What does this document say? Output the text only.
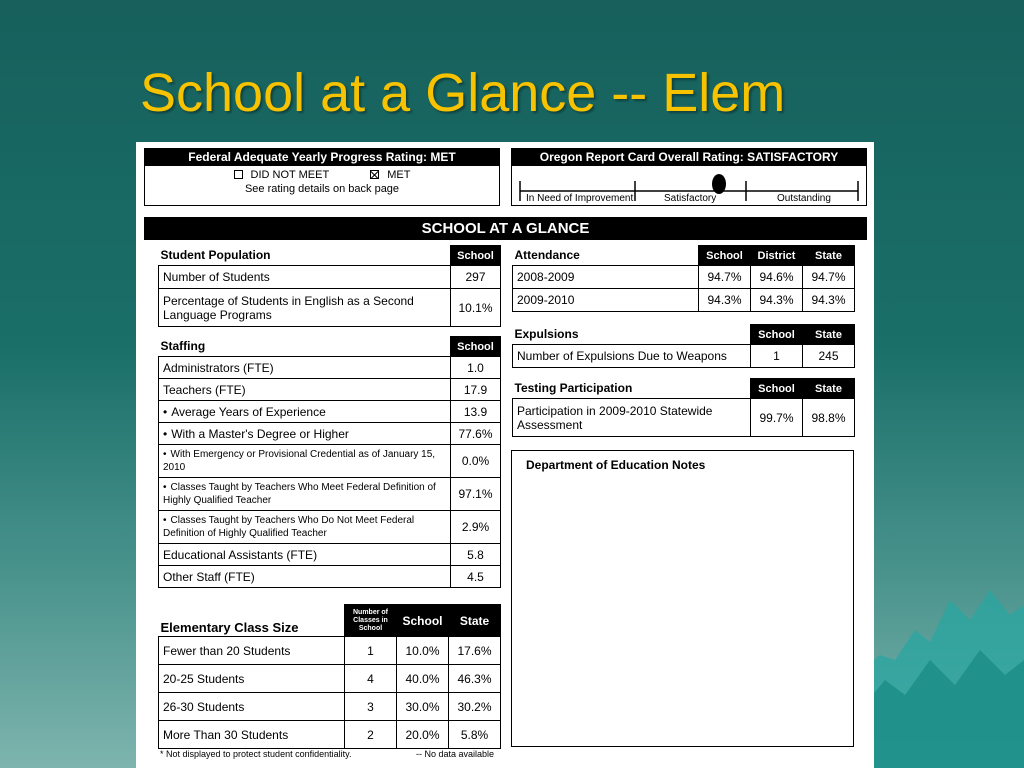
School at a Glance -- Elem
Federal Adequate Yearly Progress Rating: MET
DID NOT MEET	MET
See rating details on back page
Oregon Report Card Overall Rating: SATISFACTORY
In Need of Improvement	Satisfactory	Outstanding
SCHOOL AT A GLANCE
Student Population	School
Number of Students	297
Percentage of Students in English as a Second Language Programs	10.1%

Staffing	School
Administrators (FTE)	1.0
Teachers (FTE)	17.9
• Average Years of Experience	13.9
• With a Master's Degree or Higher	77.6%
• With Emergency or Provisional Credential as of January 15, 2010	0.0%
• Classes Taught by Teachers Who Meet Federal Definition of Highly Qualified Teacher	97.1%
• Classes Taught by Teachers Who Do Not Meet Federal Definition of Highly Qualified Teacher	2.9%
Educational Assistants (FTE)	5.8
Other Staff (FTE)	4.5
Elementary Class Size	Number of Classes in School	School	State
Fewer than 20 Students	1	10.0%	17.6%
20-25 Students	4	40.0%	46.3%
26-30 Students	3	30.0%	30.2%
More Than 30 Students	2	20.0%	5.8%
Attendance	School	District	State
2008-2009	94.7%	94.6%	94.7%
2009-2010	94.3%	94.3%	94.3%
Expulsions	School	State
Number of Expulsions Due to Weapons	1	245
Testing Participation	School	State
Participation in 2009-2010 Statewide Assessment	99.7%	98.8%
Department of Education Notes
* Not displayed to protect student confidentiality.	-- No data available
